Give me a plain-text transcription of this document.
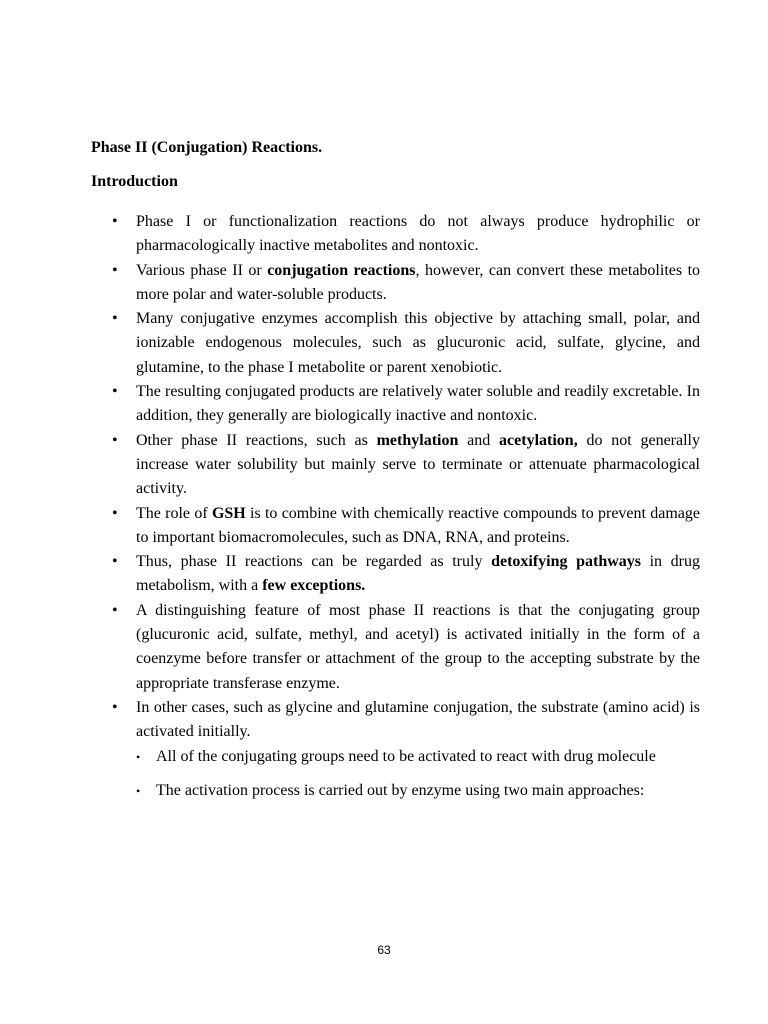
Phase II (Conjugation) Reactions.

Introduction

• Phase I or functionalization reactions do not always produce hydrophilic or pharmacologically inactive metabolites and nontoxic.
• Various phase II or conjugation reactions, however, can convert these metabolites to more polar and water-soluble products.
• Many conjugative enzymes accomplish this objective by attaching small, polar, and ionizable endogenous molecules, such as glucuronic acid, sulfate, glycine, and glutamine, to the phase I metabolite or parent xenobiotic.
• The resulting conjugated products are relatively water soluble and readily excretable. In addition, they generally are biologically inactive and nontoxic.
• Other phase II reactions, such as methylation and acetylation, do not generally increase water solubility but mainly serve to terminate or attenuate pharmacological activity.
• The role of GSH is to combine with chemically reactive compounds to prevent damage to important biomacromolecules, such as DNA, RNA, and proteins.
• Thus, phase II reactions can be regarded as truly detoxifying pathways in drug metabolism, with a few exceptions.
• A distinguishing feature of most phase II reactions is that the conjugating group (glucuronic acid, sulfate, methyl, and acetyl) is activated initially in the form of a coenzyme before transfer or attachment of the group to the accepting substrate by the appropriate transferase enzyme.
• In other cases, such as glycine and glutamine conjugation, the substrate (amino acid) is activated initially.
• All of the conjugating groups need to be activated to react with drug molecule
• The activation process is carried out by enzyme using two main approaches:
63
